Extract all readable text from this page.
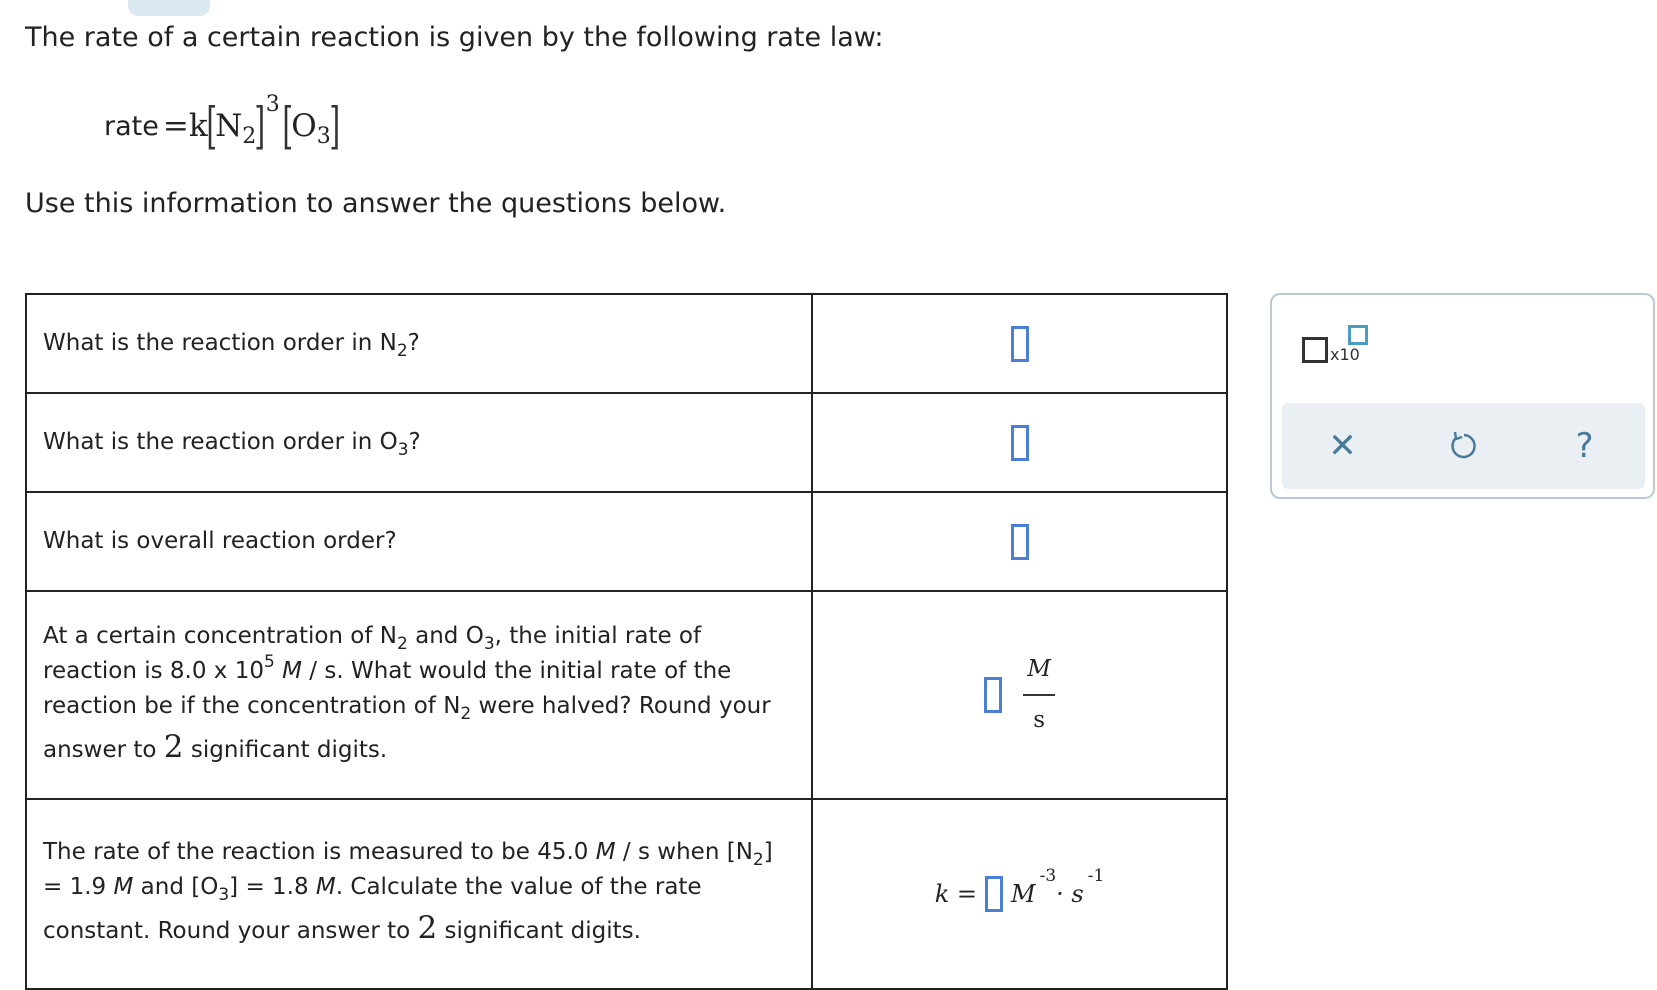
The rate of a certain reaction is given by the following rate law:
rate = k
[
N 2
] 3 [
O 3
]
Use this information to answer the questions below.
What is the reaction order in $N_2$?	
What is the reaction order in $O_3$?	
What is overall reaction order?	
At a certain concentration of $N_2$ and $O_3$, the initial rate of reaction is 8.0 x $10^5$ M / s. What would the initial rate of the reaction be if the concentration of $N_2$ were halved? Round your answer to 2 significant digits.	$\frac{M}{s}$

The rate of the reaction is measured to be 45.0 M / s when $[N_2] = 1.9$ M and $[O_3] = 1.8$ M. Calculate the value of the rate constant. Round your answer to 2 significant digits.	k = M
-3
· s
-1
x10
✕	?
